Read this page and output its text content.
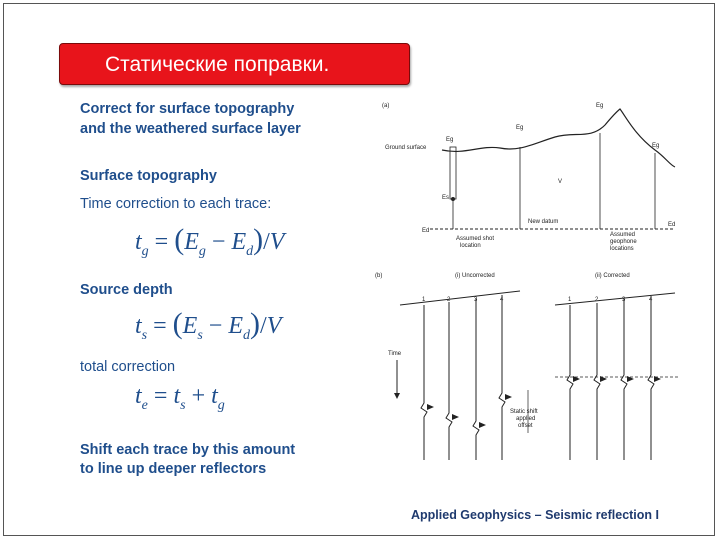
Статические поправки.
Correct for surface topography
and the weathered surface layer
Surface topography
Time correction to each trace:
$t_g = (E_g - E_d)/V$
Source depth
$t_s = (E_s - E_d)/V$
total correction
$t_e = t_s + t_g$
Shift each trace by this amount
to line up deeper reflectors
(a)
Ground surface
Eg
Eg
Eg
Eg
Es
Ed
Ed
V
New datum
Assumed shot
location
Assumed
geophone
locations
(b)	(i) Uncorrected	(ii) Corrected
1	2	3	4	1	2	3	4
Time
Static shift
applied
offset
Applied Geophysics – Seismic reflection I
